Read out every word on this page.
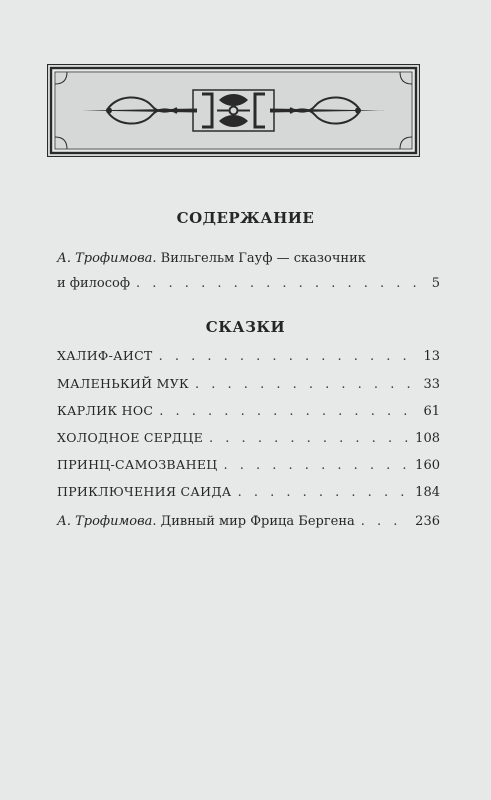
СОДЕРЖАНИЕ
А. Трофимова. Вильгельм Гауф — сказочник
и философ . . .	5
СКАЗКИ
ХАЛИФ-АИСТ . . .	13
МАЛЕНЬКИЙ МУК . . .	33
КАРЛИК НОС . . .	61
ХОЛОДНОЕ СЕРДЦЕ . . .	108
ПРИНЦ-САМОЗВАНЕЦ . . .	160
ПРИКЛЮЧЕНИЯ САИДА . . .	184
А. Трофимова. Дивный мир Фрица Бергена . . .	236
